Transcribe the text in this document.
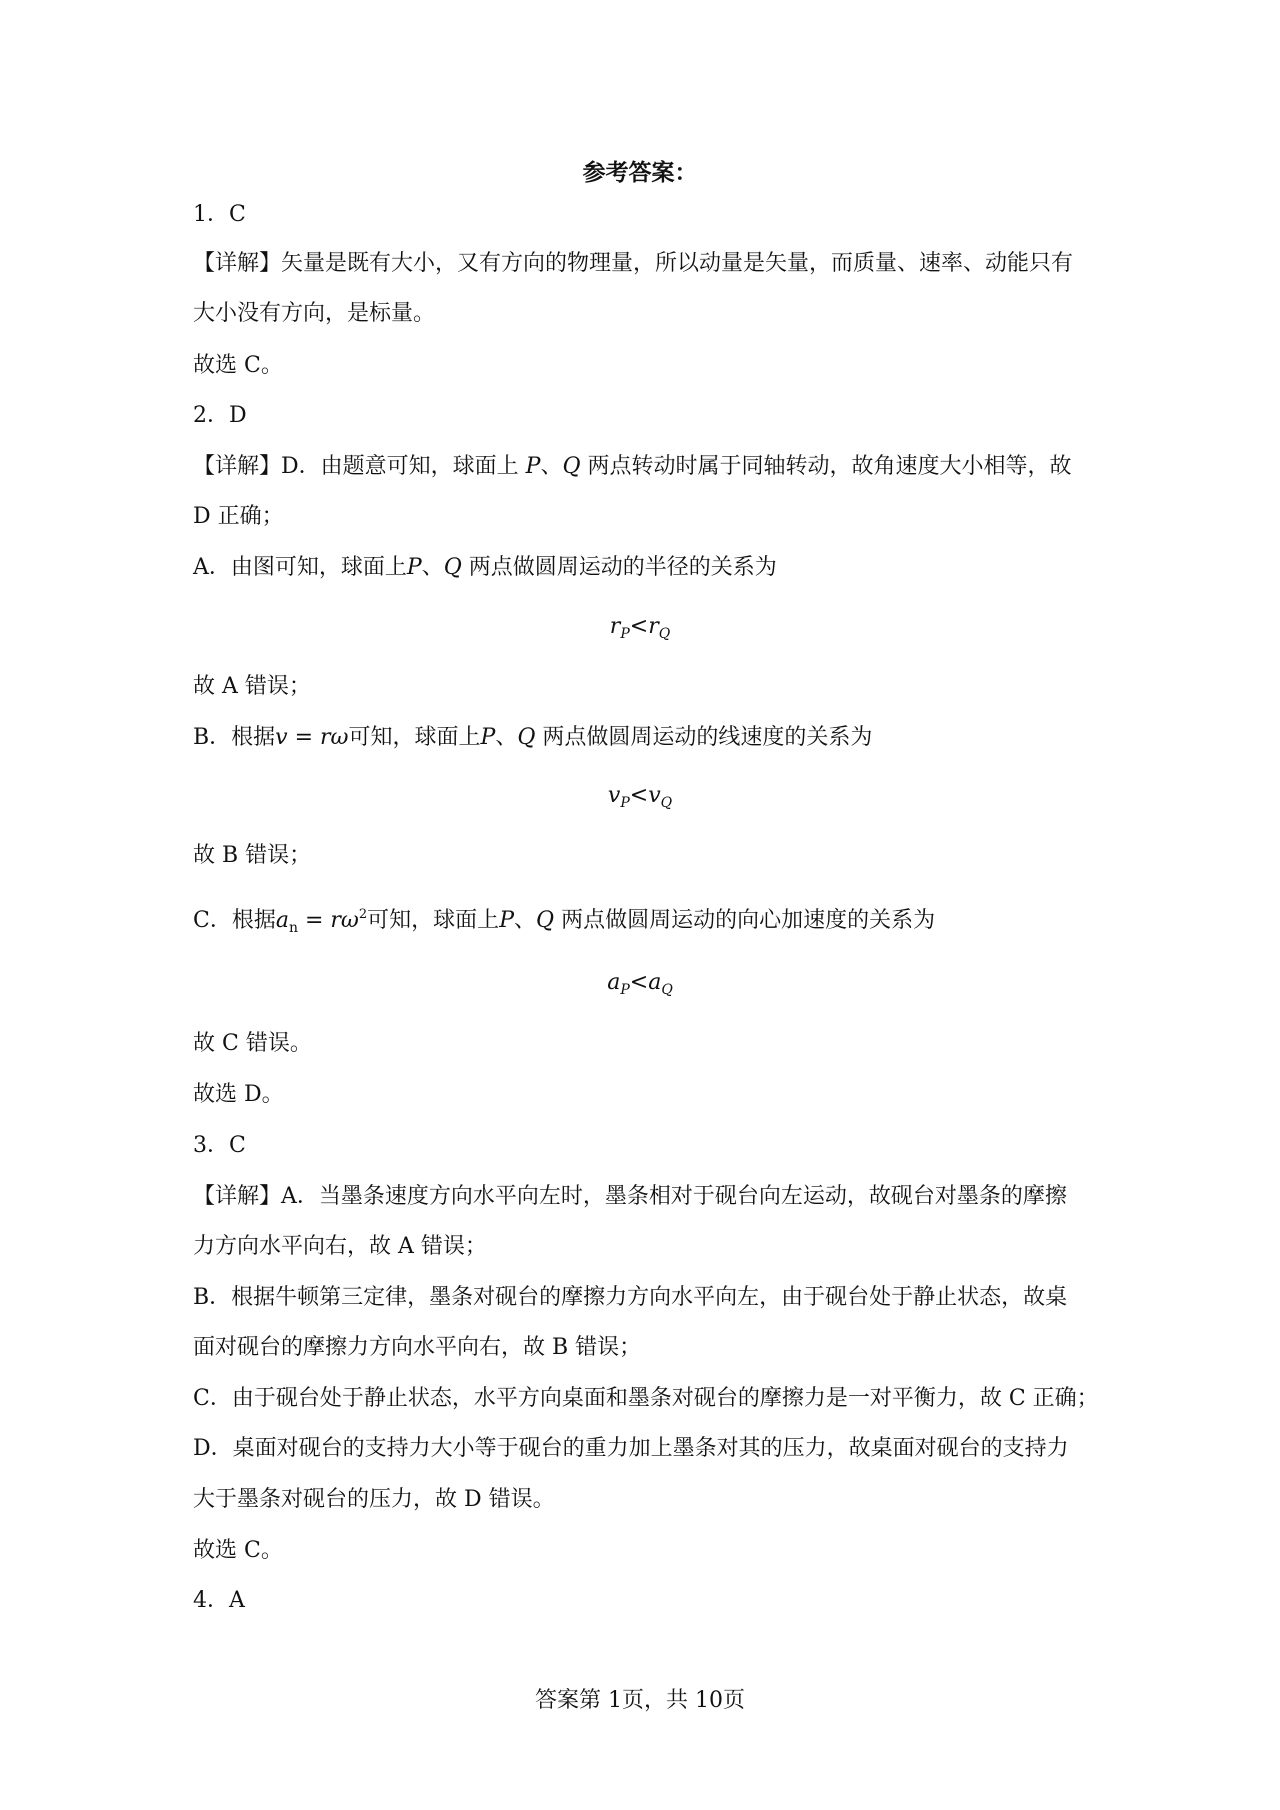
参考答案：
1．C
【详解】矢量是既有大小，又有方向的物理量，所以动量是矢量，而质量、速率、动能只有
大小没有方向，是标量。
故选 C。
2．D
【详解】D．由题意可知，球面上 P、Q 两点转动时属于同轴转动，故角速度大小相等，故
D 正确；
A．由图可知，球面上P、Q 两点做圆周运动的半径的关系为
$r_P<r_Q$
故 A 错误；
B．根据v = rω可知，球面上P、Q 两点做圆周运动的线速度的关系为
$v_P<v_Q$
故 B 错误；
C．根据$a_n = r\omega^2$可知，球面上P、Q 两点做圆周运动的向心加速度的关系为
$a_P<a_Q$
故 C 错误。
故选 D。
3．C
【详解】A．当墨条速度方向水平向左时，墨条相对于砚台向左运动，故砚台对墨条的摩擦
力方向水平向右，故 A 错误；
B．根据牛顿第三定律，墨条对砚台的摩擦力方向水平向左，由于砚台处于静止状态，故桌
面对砚台的摩擦力方向水平向右，故 B 错误；
C．由于砚台处于静止状态，水平方向桌面和墨条对砚台的摩擦力是一对平衡力，故 C 正确；
D．桌面对砚台的支持力大小等于砚台的重力加上墨条对其的压力，故桌面对砚台的支持力
大于墨条对砚台的压力，故 D 错误。
故选 C。
4．A
答案第 1页，共 10页
